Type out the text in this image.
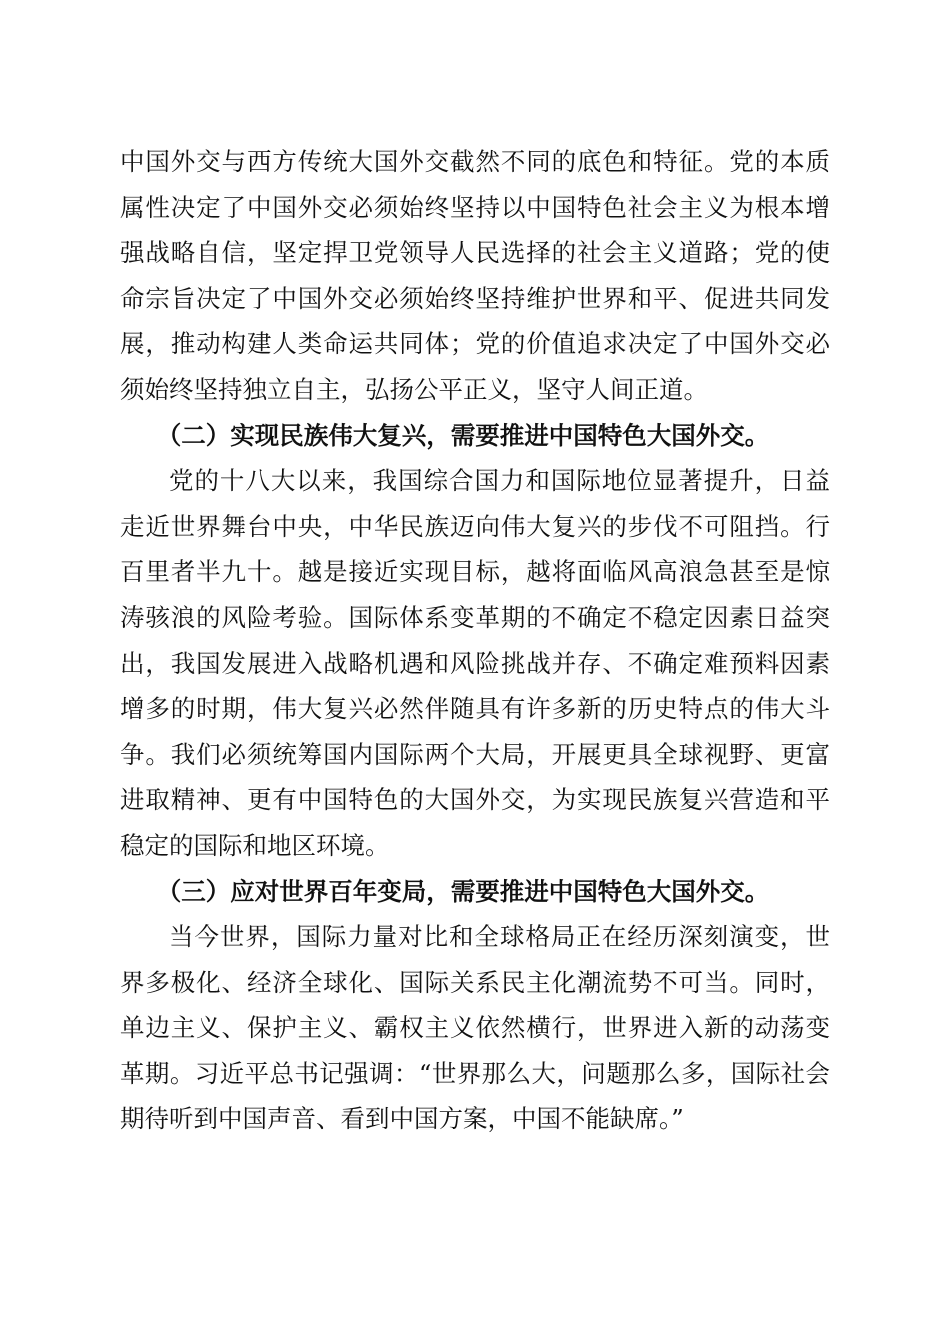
中国外交与西方传统大国外交截然不同的底色和特征。党的本质属性决定了中国外交必须始终坚持以中国特色社会主义为根本增强战略自信，坚定捍卫党领导人民选择的社会主义道路；党的使命宗旨决定了中国外交必须始终坚持维护世界和平、促进共同发展，推动构建人类命运共同体；党的价值追求决定了中国外交必须始终坚持独立自主，弘扬公平正义，坚守人间正道。

（二）实现民族伟大复兴，需要推进中国特色大国外交。

党的十八大以来，我国综合国力和国际地位显著提升，日益走近世界舞台中央，中华民族迈向伟大复兴的步伐不可阻挡。行百里者半九十。越是接近实现目标，越将面临风高浪急甚至是惊涛骇浪的风险考验。国际体系变革期的不确定不稳定因素日益突出，我国发展进入战略机遇和风险挑战并存、不确定难预料因素增多的时期，伟大复兴必然伴随具有许多新的历史特点的伟大斗争。我们必须统筹国内国际两个大局，开展更具全球视野、更富进取精神、更有中国特色的大国外交，为实现民族复兴营造和平稳定的国际和地区环境。

（三）应对世界百年变局，需要推进中国特色大国外交。

当今世界，国际力量对比和全球格局正在经历深刻演变，世界多极化、经济全球化、国际关系民主化潮流势不可当。同时，单边主义、保护主义、霸权主义依然横行，世界进入新的动荡变革期。习近平总书记强调：“世界那么大，问题那么多，国际社会期待听到中国声音、看到中国方案，中国不能缺席。”
